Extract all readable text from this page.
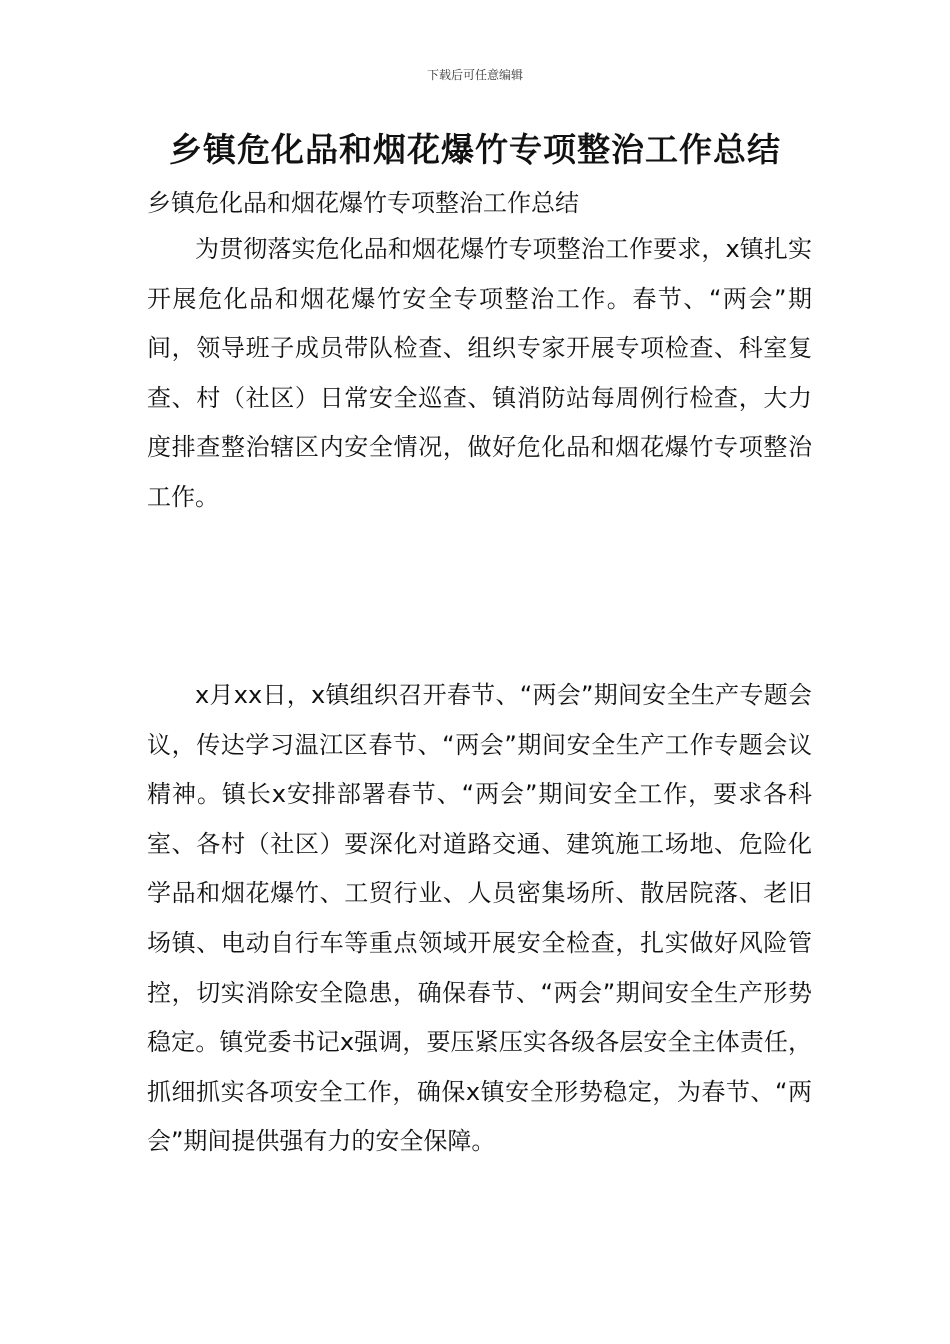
下载后可任意编辑
乡镇危化品和烟花爆竹专项整治工作总结

乡镇危化品和烟花爆竹专项整治工作总结

为贯彻落实危化品和烟花爆竹专项整治工作要求，x镇扎实开展危化品和烟花爆竹安全专项整治工作。春节、“两会”期间，领导班子成员带队检查、组织专家开展专项检查、科室复查、村（社区）日常安全巡查、镇消防站每周例行检查，大力度排查整治辖区内安全情况，做好危化品和烟花爆竹专项整治工作。

x月xx日，x镇组织召开春节、“两会”期间安全生产专题会议，传达学习温江区春节、“两会”期间安全生产工作专题会议精神。镇长x安排部署春节、“两会”期间安全工作，要求各科室、各村（社区）要深化对道路交通、建筑施工场地、危险化学品和烟花爆竹、工贸行业、人员密集场所、散居院落、老旧场镇、电动自行车等重点领域开展安全检查，扎实做好风险管控，切实消除安全隐患，确保春节、“两会”期间安全生产形势稳定。镇党委书记x强调，要压紧压实各级各层安全主体责任，抓细抓实各项安全工作，确保x镇安全形势稳定，为春节、“两会”期间提供强有力的安全保障。
